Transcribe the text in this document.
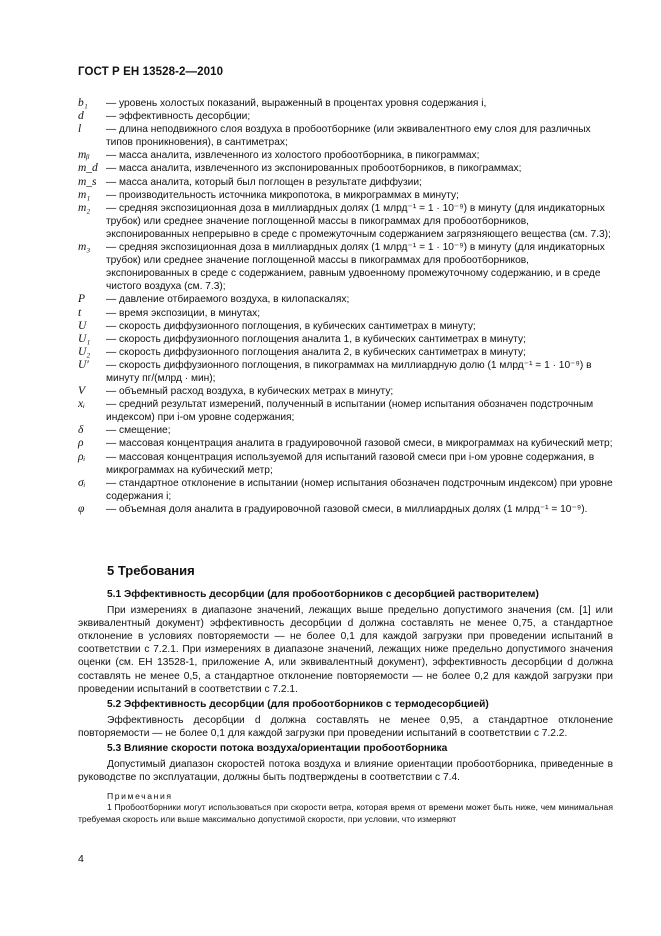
ГОСТ Р ЕН 13528-2—2010
b₁	— уровень холостых показаний, выраженный в процентах уровня содержания i,
d	— эффективность десорбции;
l	— длина неподвижного слоя воздуха в пробоотборнике (или эквивалентного ему слоя для различных типов проникновения), в сантиметрах;
mᵦ	— масса аналита, извлеченного из холостого пробоотборника, в пикограммах;
m_d — масса аналита, извлеченного из экспонированных пробоотборников, в пикограммах;
m_s — масса аналита, который был поглощен в результате диффузии;
m₁	— производительность источника микропотока, в микрограммах в минуту;
m₂	— средняя экспозиционная доза в миллиардных долях (1 млрд⁻¹ = 1 · 10⁻⁹) в минуту (для индикаторных трубок) или среднее значение поглощенной массы в пикограммах для пробоотборников, экспонированных непрерывно в среде с промежуточным содержанием загрязняющего вещества (см. 7.3);
m₃	— средняя экспозиционная доза в миллиардных долях (1 млрд⁻¹ = 1 · 10⁻⁹) в минуту (для индикаторных трубок) или среднее значение поглощенной массы в пикограммах для пробоотборников, экспонированных в среде с содержанием, равным удвоенному промежуточному содержанию, и в среде чистого воздуха (см. 7.3);
P	— давление отбираемого воздуха, в килопаскалях;
t	— время экспозиции, в минутах;
U	— скорость диффузионного поглощения, в кубических сантиметрах в минуту;
U₁	— скорость диффузионного поглощения аналита 1, в кубических сантиметрах в минуту;
U₂	— скорость диффузионного поглощения аналита 2, в кубических сантиметрах в минуту;
U′	— скорость диффузионного поглощения, в пикограммах на миллиардную долю (1 млрд⁻¹ = 1 · 10⁻⁹) в минуту пг/(млрд · мин);
V	— объемный расход воздуха, в кубических метрах в минуту;
xᵢ	— средний результат измерений, полученный в испытании (номер испытания обозначен подстрочным индексом) при i-ом уровне содержания;
δ	— смещение;
ρ	— массовая концентрация аналита в градуировочной газовой смеси, в микрограммах на кубический метр;
ρᵢ	— массовая концентрация используемой для испытаний газовой смеси при i-ом уровне содержания, в микрограммах на кубический метр;
σᵢ	— стандартное отклонение в испытании (номер испытания обозначен подстрочным индексом) при уровне содержания i;
φ	— объемная доля аналита в градуировочной газовой смеси, в миллиардных долях (1 млрд⁻¹ = 10⁻⁹).
5 Требования
5.1 Эффективность десорбции (для пробоотборников с десорбцией растворителем)
При измерениях в диапазоне значений, лежащих выше предельно допустимого значения (см. [1] или эквивалентный документ) эффективность десорбции d должна составлять не менее 0,75, а стандартное отклонение в условиях повторяемости — не более 0,1 для каждой загрузки при проведении испытаний в соответствии с 7.2.1. При измерениях в диапазоне значений, лежащих ниже предельно допустимого значения оценки (см. ЕН 13528-1, приложение А, или эквивалентный документ), эффективность десорбции d должна составлять не менее 0,5, а стандартное отклонение повторяемости — не более 0,2 для каждой загрузки при проведении испытаний в соответствии с 7.2.1.
5.2 Эффективность десорбции (для пробоотборников с термодесорбцией)
Эффективность десорбции d должна составлять не менее 0,95, а стандартное отклонение повторяемости — не более 0,1 для каждой загрузки при проведении испытаний в соответствии с 7.2.2.
5.3 Влияние скорости потока воздуха/ориентации пробоотборника
Допустимый диапазон скоростей потока воздуха и влияние ориентации пробоотборника, приведенные в руководстве по эксплуатации, должны быть подтверждены в соответствии с 7.4.
Примечания
1 Пробоотборники могут использоваться при скорости ветра, которая время от времени может быть ниже, чем минимальная требуемая скорость или выше максимально допустимой скорости, при условии, что измеряют
4
